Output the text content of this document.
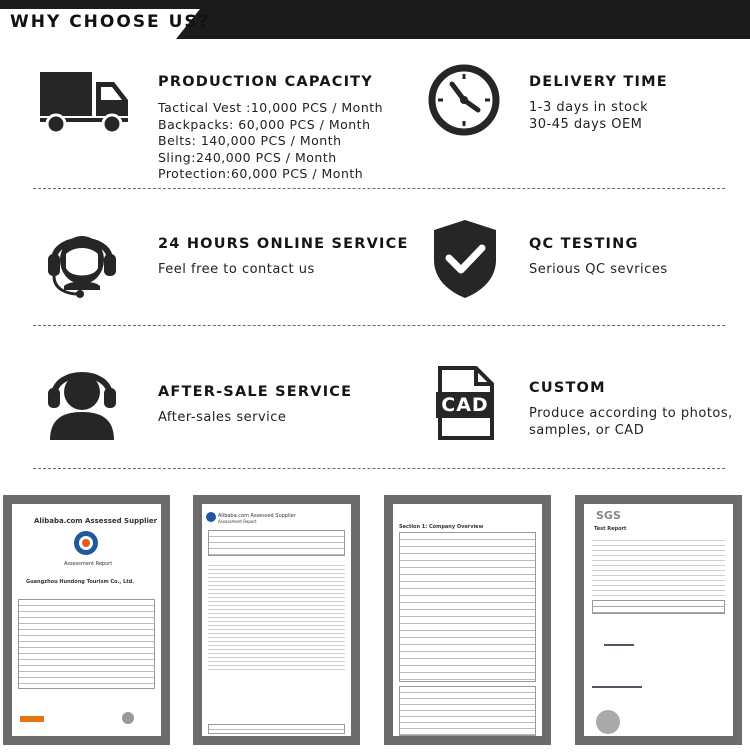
WHY CHOOSE US?
PRODUCTION CAPACITY
Tactical Vest :10,000 PCS / Month
Backpacks: 60,000 PCS / Month
Belts: 140,000 PCS / Month
Sling:240,000 PCS / Month
Protection:60,000 PCS / Month
DELIVERY TIME
1-3 days in stock
30-45 days OEM
24 HOURS ONLINE SERVICE
Feel free to contact us
QC TESTING
Serious QC sevrices
AFTER-SALE SERVICE
After-sales service
CAD
CUSTOM
Produce according to photos,
samples, or CAD
Alibaba.com Assessed Supplier
Assessment Report
Guangzhou Hundong Tourism Co., Ltd.
Alibaba.com Assessed Supplier
Assessment Report
Section 1: Company Overview
SGS
Test Report
